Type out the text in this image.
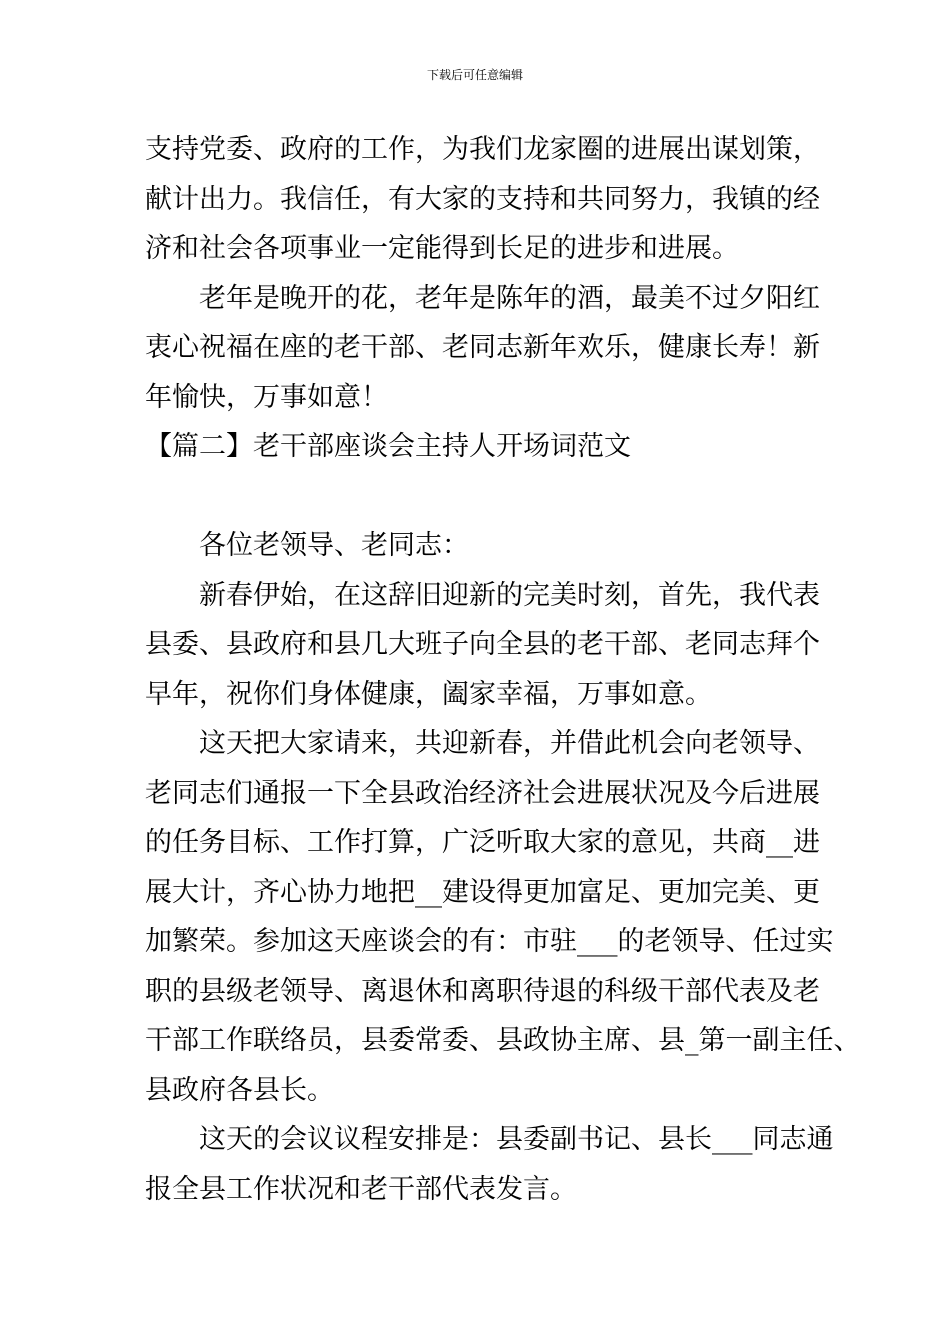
下载后可任意编辑
支持党委、政府的工作，为我们龙家圈的进展出谋划策，
献计出力。我信任，有大家的支持和共同努力，我镇的经
济和社会各项事业一定能得到长足的进步和进展。
老年是晚开的花，老年是陈年的酒，最美不过夕阳红
衷心祝福在座的老干部、老同志新年欢乐，健康长寿！新
年愉快，万事如意！
【篇二】老干部座谈会主持人开场词范文
各位老领导、老同志：
新春伊始，在这辞旧迎新的完美时刻，首先，我代表
县委、县政府和县几大班子向全县的老干部、老同志拜个
早年，祝你们身体健康，阖家幸福，万事如意。
这天把大家请来，共迎新春，并借此机会向老领导、
老同志们通报一下全县政治经济社会进展状况及今后进展
的任务目标、工作打算，广泛听取大家的意见，共商__进
展大计，齐心协力地把__建设得更加富足、更加完美、更
加繁荣。参加这天座谈会的有：市驻___的老领导、任过实
职的县级老领导、离退休和离职待退的科级干部代表及老
干部工作联络员，县委常委、县政协主席、县_第一副主任、
县政府各县长。
这天的会议议程安排是：县委副书记、县长___同志通
报全县工作状况和老干部代表发言。
